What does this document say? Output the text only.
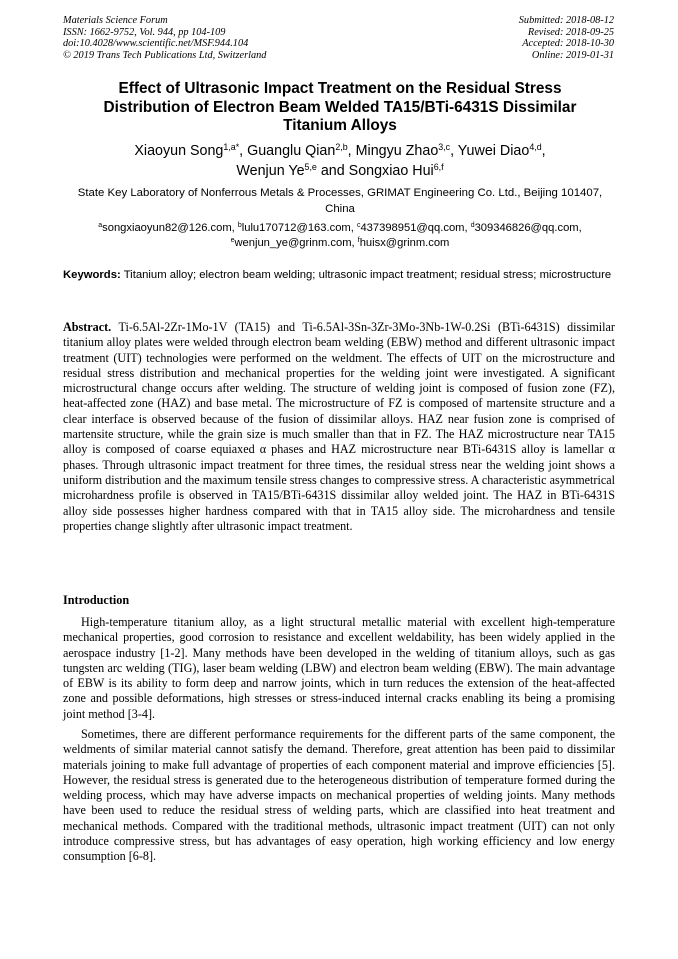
Materials Science Forum
ISSN: 1662-9752, Vol. 944, pp 104-109
doi:10.4028/www.scientific.net/MSF.944.104
© 2019 Trans Tech Publications Ltd, Switzerland
Submitted: 2018-08-12
Revised: 2018-09-25
Accepted: 2018-10-30
Online: 2019-01-31
Effect of Ultrasonic Impact Treatment on the Residual Stress
Distribution of Electron Beam Welded TA15/BTi-6431S Dissimilar
Titanium Alloys
Xiaoyun Song$^{1,a*}$, Guanglu Qian$^{2,b}$, Mingyu Zhao$^{3,c}$, Yuwei Diao$^{4,d}$,
Wenjun Ye$^{5,e}$ and Songxiao Hui$^{6,f}$
State Key Laboratory of Nonferrous Metals & Processes, GRIMAT Engineering Co. Ltd., Beijing 101407, China
$^a$songxiaoyun82@126.com, $^b$lulu170712@163.com, $^c$437398951@qq.com, $^d$309346826@qq.com,
$^e$wenjun_ye@grinm.com, $^f$huisx@grinm.com
Keywords: Titanium alloy; electron beam welding; ultrasonic impact treatment; residual stress; microstructure
Abstract. Ti-6.5Al-2Zr-1Mo-1V (TA15) and Ti-6.5Al-3Sn-3Zr-3Mo-3Nb-1W-0.2Si (BTi-6431S) dissimilar titanium alloy plates were welded through electron beam welding (EBW) method and different ultrasonic impact treatment (UIT) technologies were performed on the weldment. The effects of UIT on the microstructure and residual stress distribution and mechanical properties for the welding joint were investigated. A significant microstructural change occurs after welding. The structure of welding joint is composed of fusion zone (FZ), heat-affected zone (HAZ) and base metal. The microstructure of FZ is composed of martensite structure and a clear interface is observed because of the fusion of dissimilar alloys. HAZ near fusion zone is comprised of martensite structure, while the grain size is much smaller than that in FZ. The HAZ microstructure near TA15 alloy is composed of coarse equiaxed α phases and HAZ microstructure near BTi-6431S alloy is lamellar α phases. Through ultrasonic impact treatment for three times, the residual stress near the welding joint shows a uniform distribution and the maximum tensile stress changes to compressive stress. A characteristic asymmetrical microhardness profile is observed in TA15/BTi-6431S dissimilar alloy welded joint. The HAZ in BTi-6431S alloy side possesses higher hardness compared with that in TA15 alloy side. The microhardness and tensile properties change slightly after ultrasonic impact treatment.
Introduction
High-temperature titanium alloy, as a light structural metallic material with excellent high-temperature mechanical properties, good corrosion to resistance and excellent weldability, has been widely applied in the aerospace industry [1-2]. Many methods have been developed in the welding of titanium alloys, such as gas tungsten arc welding (TIG), laser beam welding (LBW) and electron beam welding (EBW). The main advantage of EBW is its ability to form deep and narrow joints, which in turn reduces the extension of the heat-affected zone and possible deformations, high stresses or stress-induced internal cracks enabling its being a promising joint method [3-4].
Sometimes, there are different performance requirements for the different parts of the same component, the weldments of similar material cannot satisfy the demand. Therefore, great attention has been paid to dissimilar materials joining to make full advantage of properties of each component material and improve efficiencies [5]. However, the residual stress is generated due to the heterogeneous distribution of temperature formed during the welding process, which may have adverse impacts on mechanical properties of welding joints. Many methods have been used to reduce the residual stress of welding parts, which are classified into heat treatment and mechanical methods. Compared with the traditional methods, ultrasonic impact treatment (UIT) can not only introduce compressive stress, but has advantages of easy operation, high working efficiency and low energy consumption [6-8].
